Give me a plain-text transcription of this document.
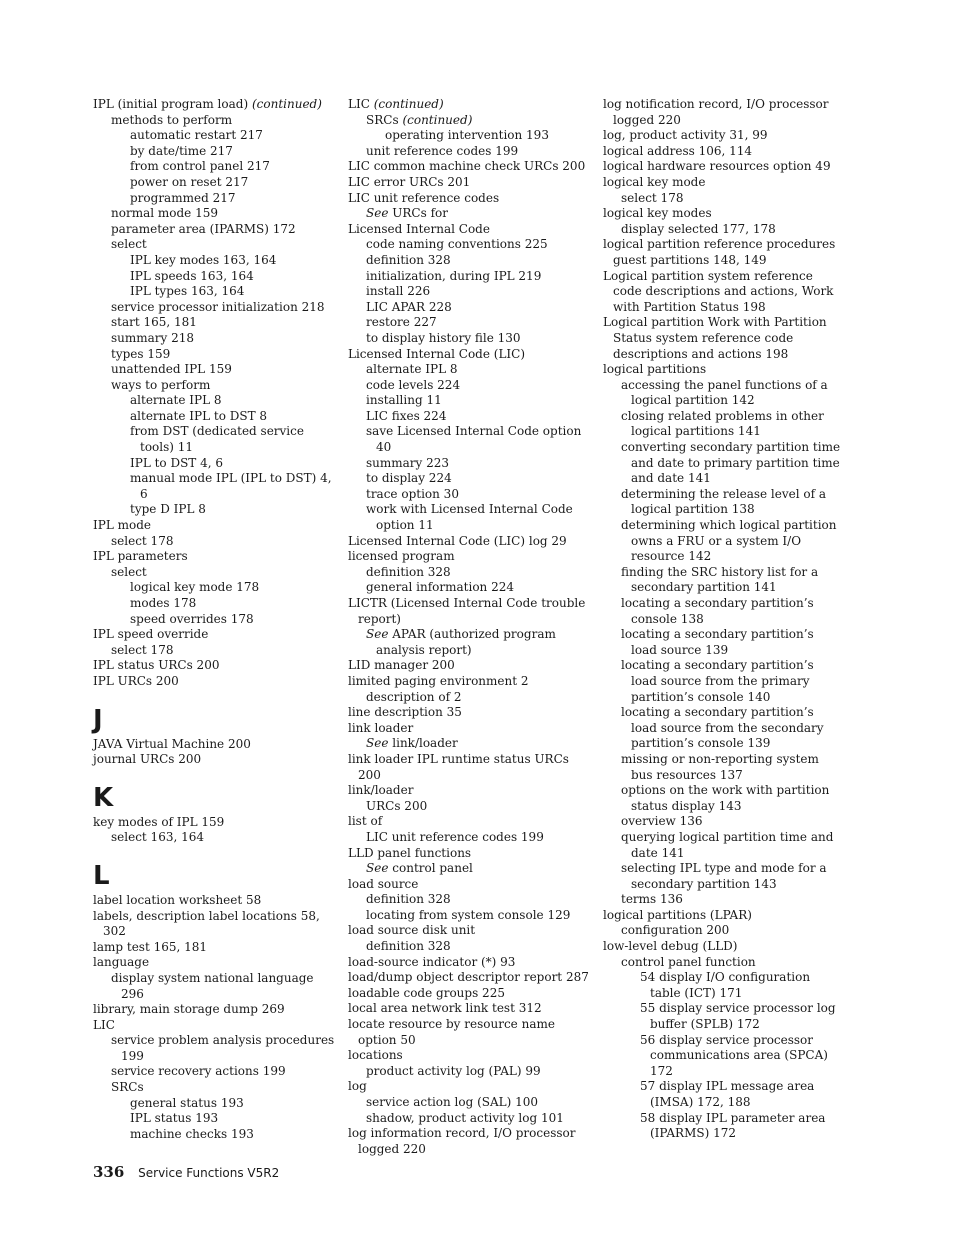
IPL (initial program load) (continued)
methods to perform
automatic restart 217
by date/time 217
from control panel 217
power on reset 217
programmed 217
normal mode 159
parameter area (IPARMS) 172
select
IPL key modes 163, 164
IPL speeds 163, 164
IPL types 163, 164
service processor initialization 218
start 165, 181
summary 218
types 159
unattended IPL 159
ways to perform
alternate IPL 8
alternate IPL to DST 8
from DST (dedicated service tools) 11
IPL to DST 4, 6
manual mode IPL (IPL to DST) 4, 6
type D IPL 8
IPL mode
select 178
IPL parameters
select
logical key mode 178
modes 178
speed overrides 178
IPL speed override
select 178
IPL status URCs 200
IPL URCs 200
J
JAVA Virtual Machine 200
journal URCs 200
K
key modes of IPL 159
select 163, 164
L
label location worksheet 58
labels, description label locations 58, 302
lamp test 165, 181
language
display system national language 296
library, main storage dump 269
LIC
service problem analysis procedures 199
service recovery actions 199
SRCs
general status 193
IPL status 193
machine checks 193
LIC (continued)
SRCs (continued)
operating intervention 193
unit reference codes 199
LIC common machine check URCs 200
LIC error URCs 201
LIC unit reference codes
See URCs for
Licensed Internal Code
code naming conventions 225
definition 328
initialization, during IPL 219
install 226
LIC APAR 228
restore 227
to display history file 130
Licensed Internal Code (LIC)
alternate IPL 8
code levels 224
installing 11
LIC fixes 224
save Licensed Internal Code option 40
summary 223
to display 224
trace option 30
work with Licensed Internal Code option 11
Licensed Internal Code (LIC) log 29
licensed program
definition 328
general information 224
LICTR (Licensed Internal Code trouble report)
See APAR (authorized program analysis report)
LID manager 200
limited paging environment 2
description of 2
line description 35
link loader
See link/loader
link loader IPL runtime status URCs 200
link/loader
URCs 200
list of
LIC unit reference codes 199
LLD panel functions
See control panel
load source
definition 328
locating from system console 129
load source disk unit
definition 328
load-source indicator (*) 93
load/dump object descriptor report 287
loadable code groups 225
local area network link test 312
locate resource by resource name option 50
locations
product activity log (PAL) 99
log
service action log (SAL) 100
shadow, product activity log 101
log information record, I/O processor logged 220
log notification record, I/O processor logged 220
log, product activity 31, 99
logical address 106, 114
logical hardware resources option 49
logical key mode
select 178
logical key modes
display selected 177, 178
logical partition reference procedures guest partitions 148, 149
Logical partition system reference code descriptions and actions, Work with Partition Status 198
Logical partition Work with Partition Status system reference code descriptions and actions 198
logical partitions
accessing the panel functions of a logical partition 142
closing related problems in other logical partitions 141
converting secondary partition time and date to primary partition time and date 141
determining the release level of a logical partition 138
determining which logical partition owns a FRU or a system I/O resource 142
finding the SRC history list for a secondary partition 141
locating a secondary partition’s console 138
locating a secondary partition’s load source 139
locating a secondary partition’s load source from the primary partition’s console 140
locating a secondary partition’s load source from the secondary partition’s console 139
missing or non-reporting system bus resources 137
options on the work with partition status display 143
overview 136
querying logical partition time and date 141
selecting IPL type and mode for a secondary partition 143
terms 136
logical partitions (LPAR)
configuration 200
low-level debug (LLD)
control panel function
54 display I/O configuration table (ICT) 171
55 display service processor log buffer (SPLB) 172
56 display service processor communications area (SPCA) 172
57 display IPL message area (IMSA) 172, 188
58 display IPL parameter area (IPARMS) 172
336 Service Functions V5R2
